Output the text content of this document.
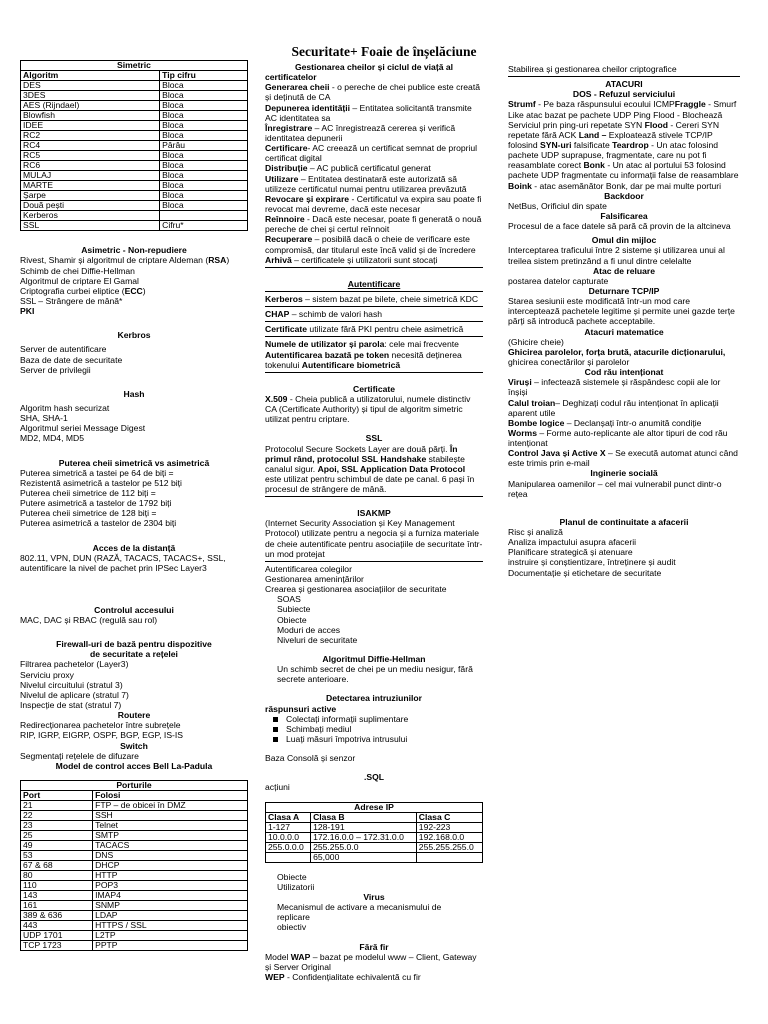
Securitate+ Foaie de înșelăciune
Simetric	
Algoritm	Tip cifru
DES	Bloca
3DES	Bloca
AES (Rijndael)	Bloca
Blowfish	Bloca
IDEE	Bloca
RC2	Bloca
RC4	Pârâu
RC5	Bloca
RC6	Bloca
MULAJ	Bloca
MARTE	Bloca
Șarpe	Bloca
Două pești	Bloca
Kerberos	
SSL	Cifru*
Asimetric - Non-repudiere

Rivest, Shamir și algoritmul de criptare Aldeman (RSA)

Schimb de chei Diffie-Hellman

Algoritmul de criptare El Gamal

Criptografia curbei eliptice (ECC)

SSL – Strângere de mână*

PKI

Kerbros

Server de autentificare

Baza de date de securitate

Server de privilegii

Hash

Algoritm hash securizat

SHA, SHA-1

Algoritmul seriei Message Digest

MD2, MD4, MD5

Puterea cheii simetrică vs asimetrică

Puterea simetrică a tastei pe 64 de biți =

Rezistentă asimetrică a tastelor pe 512 biți

Puterea cheii simetrice de 112 biți =

Putere asimetrică a tastelor de 1792 biți

Puterea cheii simetrice de 128 biți =

Puterea asimetrică a tastelor de 2304 biți

Acces de la distanță

802.11, VPN, DUN (RAZĂ, TACACS, TACACS+, SSL,

autentificare la nivel de pachet prin IPSec Layer3

Controlul accesului

MAC, DAC și RBAC (regulă sau rol)

Firewall-uri de bază pentru dispozitive
de securitate a rețelei

Filtrarea pachetelor (Layer3)

Serviciu proxy

Nivelul circuitului (stratul 3)

Nivelul de aplicare (stratul 7)

Inspecție de stat (stratul 7)

Routere

Redirecționarea pachetelor între subrețele

RIP, IGRP, EIGRP, OSPF, BGP, EGP, IS-IS

Switch

Segmentați rețelele de difuzare

Model de control acces Bell La-Padula
Porturile	
Port	Folosi
21	FTP – de obicei în DMZ
22	SSH
23	Telnet
25	SMTP
49	TACACS
53	DNS
67 & 68	DHCP
80	HTTP
110	POP3
143	IMAP4
161	SNMP
389 & 636	LDAP
443	HTTPS / SSL
UDP 1701	L2TP
TCP 1723	PPTP
Gestionarea cheilor și ciclul de viață al

certificatelor

Generarea cheii - o pereche de chei publice este creată și deținută de CA

Depunerea identității – Entitatea solicitantă transmite AC identitatea sa

Înregistrare – AC înregistrează cererea și verifică identitatea depunerii

Certificare- AC creează un certificat semnat de propriul certificat digital

Distribuție – AC publică certificatul generat

Utilizare – Entitatea destinatară este autorizată să utilizeze certificatul numai pentru utilizarea prevăzută

Revocare și expirare - Certificatul va expira sau poate fi revocat mai devreme, dacă este necesar

Reînnoire - Dacă este necesar, poate fi generată o nouă pereche de chei și certul reînnoit

Recuperare – posibilă dacă o cheie de verificare este compromisă, dar titularul este încă valid și de încredere

Arhivă – certificatele și utilizatorii sunt stocați

Autentificare

Kerberos – sistem bazat pe bilete, cheie simetrică KDC

CHAP – schimb de valori hash

Certificate utilizate fără PKI pentru cheie asimetrică

Numele de utilizator și parola: cele mai frecvente

Autentificarea bazată pe token necesită deținerea tokenului Autentificare biometrică

Certificate

X.509 - Cheia publică a utilizatorului, numele distinctiv CA (Certificate Authority) și tipul de algoritm simetric utilizat pentru criptare.

SSL

Protocolul Secure Sockets Layer are două părți. În primul rând, protocolul SSL Handshake stabilește canalul sigur. Apoi, SSL Application Data Protocol este utilizat pentru schimbul de date pe canal. 6 pași în procesul de strângere de mână.

ISAKMP

(Internet Security Association și Key Management Protocol) utilizate pentru a negocia și a furniza materiale de cheie autentificate pentru asociațiile de securitate într-un mod protejat

Autentificarea colegilor

Gestionarea amenințărilor

Crearea și gestionarea asociațiilor de securitate

SOAS

Subiecte

Obiecte

Moduri de acces

Niveluri de securitate

Algoritmul Diffie-Hellman

Un schimb secret de chei pe un mediu nesigur, fără secrete anterioare.

Detectarea intruziunilor

răspunsuri active

Colectați informații suplimentare

Schimbați mediul

Luați măsuri împotriva intrusului

Baza Consolă și senzor

.SQL

acțiuni

Adrese IP		
Clasa A	Clasa B	Clasa C
1-127	128-191	192-223
10.0.0.0	172.16.0.0 – 172.31.0.0	192.168.0.0
255.0.0.0	255.255.0.0	255.255.255.0
	65,000	

Obiecte

Utilizatorii

Virus

Mecanismul de activare a mecanismului de

replicare

obiectiv

Fără fir

Model WAP – bazat pe modelul www – Client, Gateway și Server Original

WEP - Confidențialitate echivalentă cu fir

Stabilirea și gestionarea cheilor criptografice

ATACURI
DOS - Refuzul serviciului

Strumf - Pe baza răspunsului ecoului ICMPFraggle - Smurf Like atac bazat pe pachete UDP Ping Flood - Blochează Serviciul prin ping-uri repetate SYN Flood - Cereri SYN repetate fără ACK Land – Exploatează stivele TCP/IP folosind SYN-uri falsificate Teardrop - Un atac folosind pachete UDP suprapuse, fragmentate, care nu pot fi reasamblate corect Bonk - Un atac al portului 53 folosind pachete UDP fragmentate cu informații false de reasamblare Boink - atac asemănător Bonk, dar pe mai multe porturi

Backdoor

NetBus, Orificiul din spate

Falsificarea

Procesul de a face datele să pară că provin de la altcineva

Omul din mijloc

Interceptarea traficului între 2 sisteme și utilizarea unui al treilea sistem pretinzând a fi unul dintre celelalte

Atac de reluare

postarea datelor capturate

Deturnare TCP/IP

Starea sesiunii este modificată într-un mod care interceptează pachetele legitime și permite unei gazde terțe părți să introducă pachete acceptabile.

Atacuri matematice

(Ghicire cheie)

Ghicirea parolelor, forța brută, atacurile dicționarului,

ghicirea conectărilor și parolelor

Cod rău intenționat

Viruși – infectează sistemele și răspândesc copii ale lor înșiși

Calul troian– Deghizați codul rău intenționat în aplicații aparent utile

Bombe logice – Declanșați într-o anumită condiție

Worms – Forme auto-replicante ale altor tipuri de cod rău intenționat

Control Java și Active X – Se execută automat atunci când este trimis prin e-mail

Inginerie socială

Manipularea oamenilor – cel mai vulnerabil punct dintr-o rețea

Planul de continuitate a afacerii

Risc și analiză

Analiza impactului asupra afacerii

Planificare strategică și atenuare

instruire și conștientizare, întreținere și audit

Documentație și etichetare de securitate
